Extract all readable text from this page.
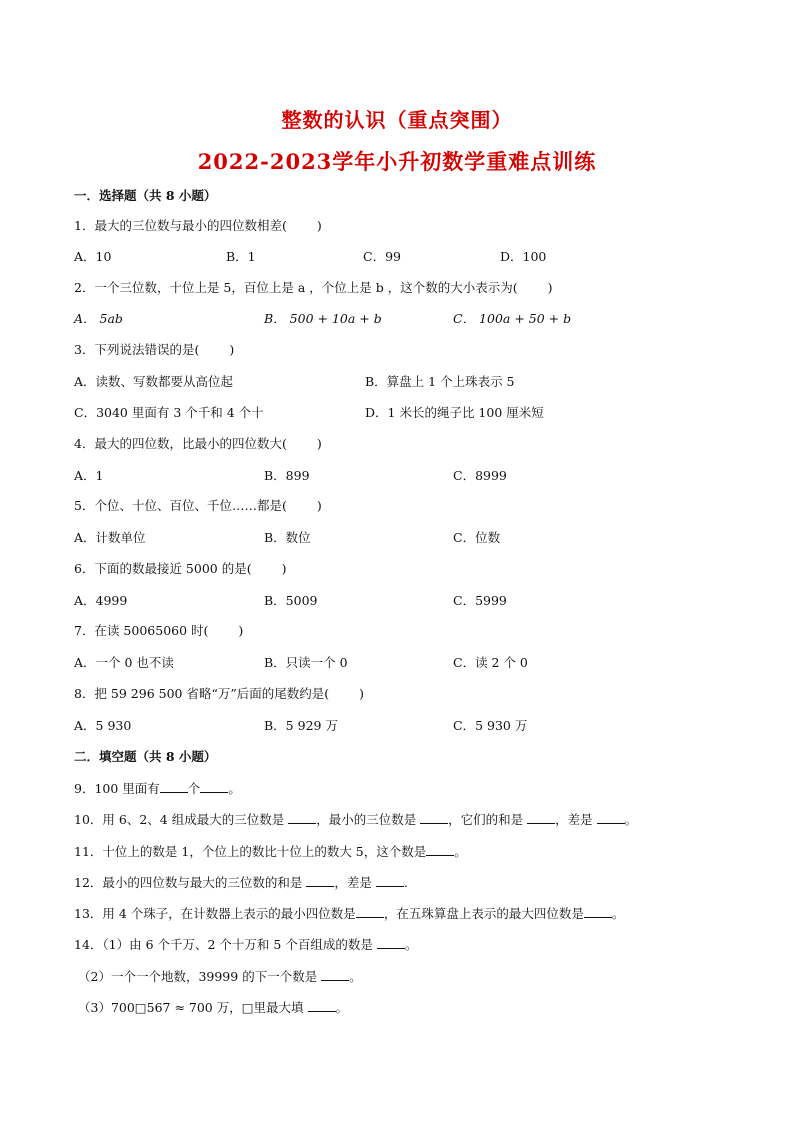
整数的认识（重点突围）
2022-2023学年小升初数学重难点训练
一．选择题（共 8 小题）
1．最大的三位数与最小的四位数相差( )
A．10	B．1	C．99	D．100
2．一个三位数，十位上是 5，百位上是 a ，个位上是 b ，这个数的大小表示为( )
A． 5ab	B． 500 + 10a + b	C． 100a + 50 + b
3．下列说法错误的是( )
A．读数、写数都要从高位起	B．算盘上 1 个上珠表示 5
C．3040 里面有 3 个千和 4 个十	D．1 米长的绳子比 100 厘米短
4．最大的四位数，比最小的四位数大( )
A．1	B．899	C．8999
5．个位、十位、百位、千位……都是( )
A．计数单位	B．数位	C．位数
6．下面的数最接近 5000 的是( )
A．4999	B．5009	C．5999
7．在读 50065060 时( )
A．一个 0 也不读	B．只读一个 0	C．读 2 个 0
8．把 59 296 500 省略“万”后面的尾数约是( )
A．5 930	B．5 929 万	C．5 930 万
二．填空题（共 8 小题）
9．100 里面有 个 。
10．用 6、2、4 组成最大的三位数是 ，最小的三位数是 ，它们的和是 ，差是 。
11．十位上的数是 1，个位上的数比十位上的数大 5，这个数是 。
12．最小的四位数与最大的三位数的和是 ，差是 .
13．用 4 个珠子，在计数器上表示的最小四位数是 ，在五珠算盘上表示的最大四位数是 。
14．（1）由 6 个千万、2 个十万和 5 个百组成的数是 。
（2）一个一个地数，39999 的下一个数是 。
（3）700□567 ≈ 700 万，□里最大填 。
